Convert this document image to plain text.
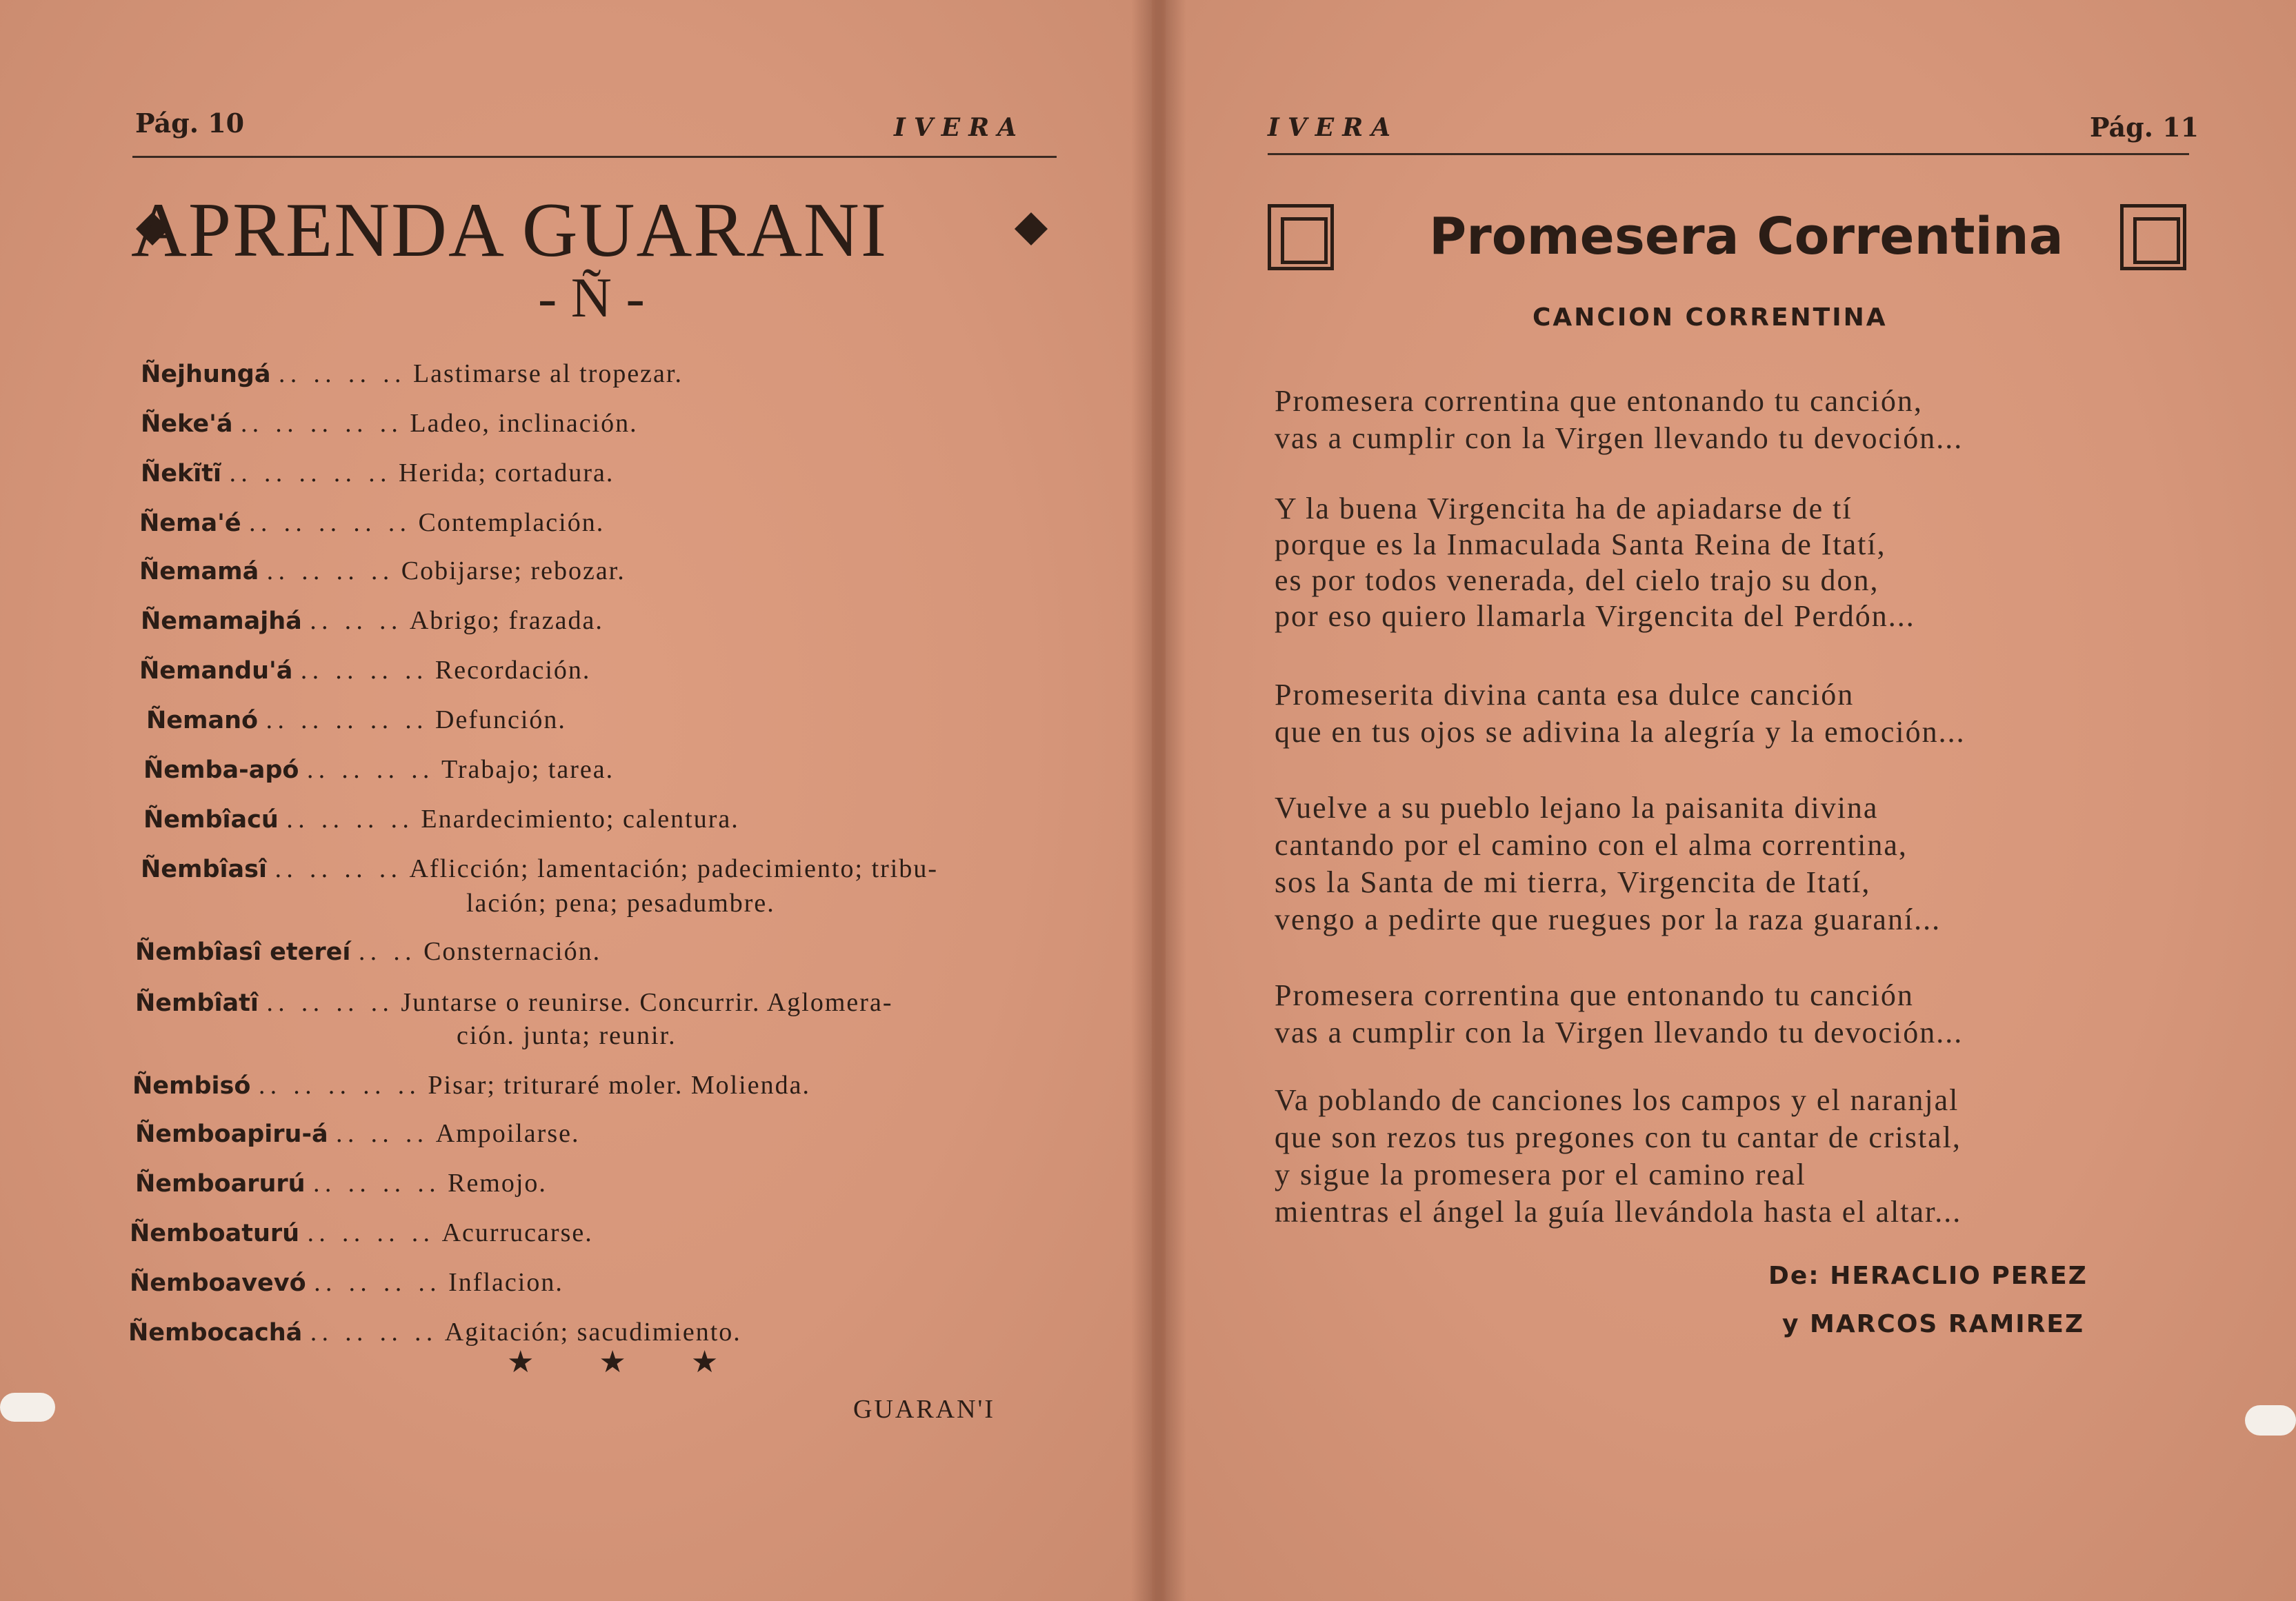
Pág. 10	IVERA
APRENDA GUARANI
- Ñ -
Ñejhungá .. .. .. .. Lastimarse al tropezar.
Ñeke'á .. .. .. .. .. Ladeo, inclinación.
Ñekĩtĩ .. .. .. .. .. Herida; cortadura.
Ñema'é .. .. .. .. .. Contemplación.
Ñemamá .. .. .. .. Cobijarse; rebozar.
Ñemamajhá .. .. .. Abrigo; frazada.
Ñemandu'á .. .. .. .. Recordación.
Ñemanó .. .. .. .. .. Defunción.
Ñemba-apó .. .. .. .. Trabajo; tarea.
Ñembîacú .. .. .. .. Enardecimiento; calentura.
Ñembîasî .. .. .. .. Aflicción; lamentación; padecimiento; tribu-
lación; pena; pesadumbre.
Ñembîasî etereí .. .. Consternación.
Ñembîatî .. .. .. .. Juntarse o reunirse. Concurrir. Aglomera-
ción. junta; reunir.
Ñembisó .. .. .. .. .. Pisar; trituraré moler. Molienda.
Ñemboapiru-á .. .. .. Ampoilarse.
Ñemboarurú .. .. .. .. Remojo.
Ñemboaturú .. .. .. .. Acurrucarse.
Ñemboavevó .. .. .. .. Inflacion.
Ñembocachá .. .. .. .. Agitación; sacudimiento.
★ ★ ★
GUARAN'I
IVERA	Pág. 11
Promesera Correntina
CANCION CORRENTINA
Promesera correntina que entonando tu canción,
vas a cumplir con la Virgen llevando tu devoción...
Y la buena Virgencita ha de apiadarse de tí
porque es la Inmaculada Santa Reina de Itatí,
es por todos venerada, del cielo trajo su don,
por eso quiero llamarla Virgencita del Perdón...
Promeserita divina canta esa dulce canción
que en tus ojos se adivina la alegría y la emoción...
Vuelve a su pueblo lejano la paisanita divina
cantando por el camino con el alma correntina,
sos la Santa de mi tierra, Virgencita de Itatí,
vengo a pedirte que ruegues por la raza guaraní...
Promesera correntina que entonando tu canción
vas a cumplir con la Virgen llevando tu devoción...
Va poblando de canciones los campos y el naranjal
que son rezos tus pregones con tu cantar de cristal,
y sigue la promesera por el camino real
mientras el ángel la guía llevándola hasta el altar...
De: HERACLIO PEREZ
y MARCOS RAMIREZ
